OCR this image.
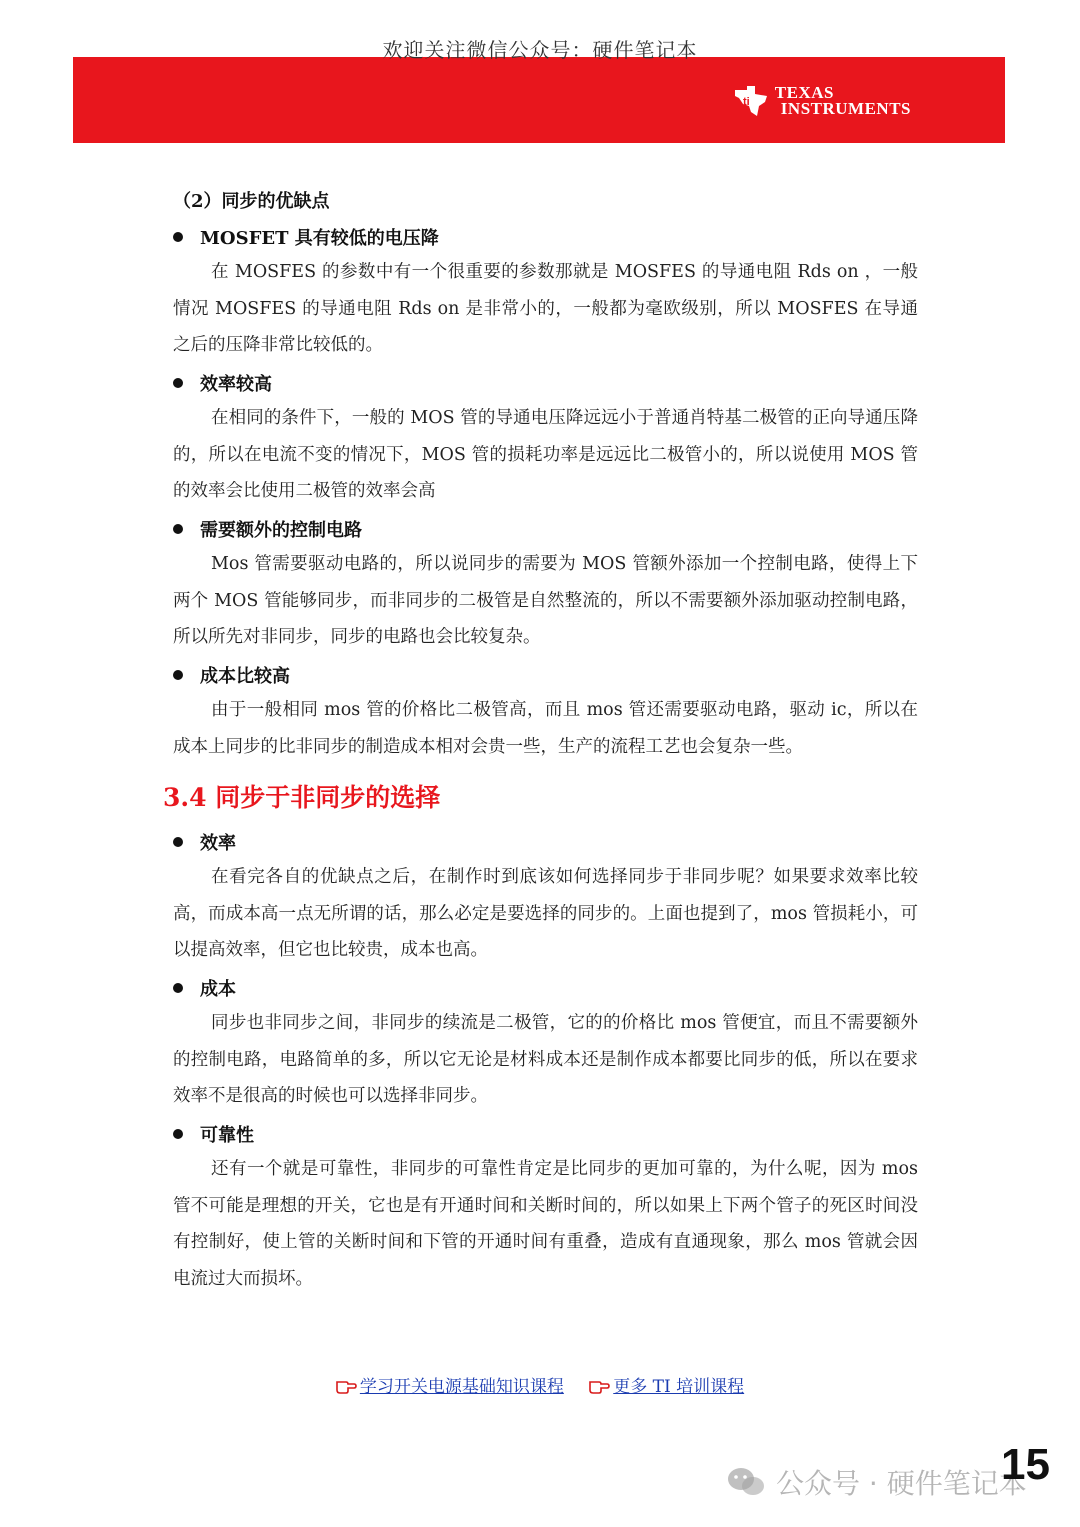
欢迎关注微信公众号：硬件笔记本
ti TEXAS
INSTRUMENTS
（2）同步的优缺点
MOSFET 具有较低的电压降
在 MOSFES 的参数中有一个很重要的参数那就是 MOSFES 的导通电阻 Rds on ，一般情况 MOSFES 的导通电阻 Rds on 是非常小的，一般都为毫欧级别，所以 MOSFES 在导通之后的压降非常比较低的。
效率较高
在相同的条件下，一般的 MOS 管的导通电压降远远小于普通肖特基二极管的正向导通压降的，所以在电流不变的情况下，MOS 管的损耗功率是远远比二极管小的，所以说使用 MOS 管的效率会比使用二极管的效率会高
需要额外的控制电路
Mos 管需要驱动电路的，所以说同步的需要为 MOS 管额外添加一个控制电路，使得上下两个 MOS 管能够同步，而非同步的二极管是自然整流的，所以不需要额外添加驱动控制电路，所以所先对非同步，同步的电路也会比较复杂。
成本比较高
由于一般相同 mos 管的价格比二极管高，而且 mos 管还需要驱动电路，驱动 ic，所以在成本上同步的比非同步的制造成本相对会贵一些，生产的流程工艺也会复杂一些。
3.4 同步于非同步的选择
效率
在看完各自的优缺点之后，在制作时到底该如何选择同步于非同步呢？如果要求效率比较高，而成本高一点无所谓的话，那么必定是要选择的同步的。上面也提到了，mos 管损耗小，可以提高效率，但它也比较贵，成本也高。
成本
同步也非同步之间，非同步的续流是二极管，它的的价格比 mos 管便宜，而且不需要额外的控制电路，电路简单的多，所以它无论是材料成本还是制作成本都要比同步的低，所以在要求效率不是很高的时候也可以选择非同步。
可靠性
还有一个就是可靠性，非同步的可靠性肯定是比同步的更加可靠的，为什么呢，因为 mos 管不可能是理想的开关，它也是有开通时间和关断时间的，所以如果上下两个管子的死区时间没有控制好，使上管的关断时间和下管的开通时间有重叠，造成有直通现象，那么 mos 管就会因电流过大而损坏。
学习开关电源基础知识课程	更多 TI 培训课程
公众号 · 硬件笔记本
15
